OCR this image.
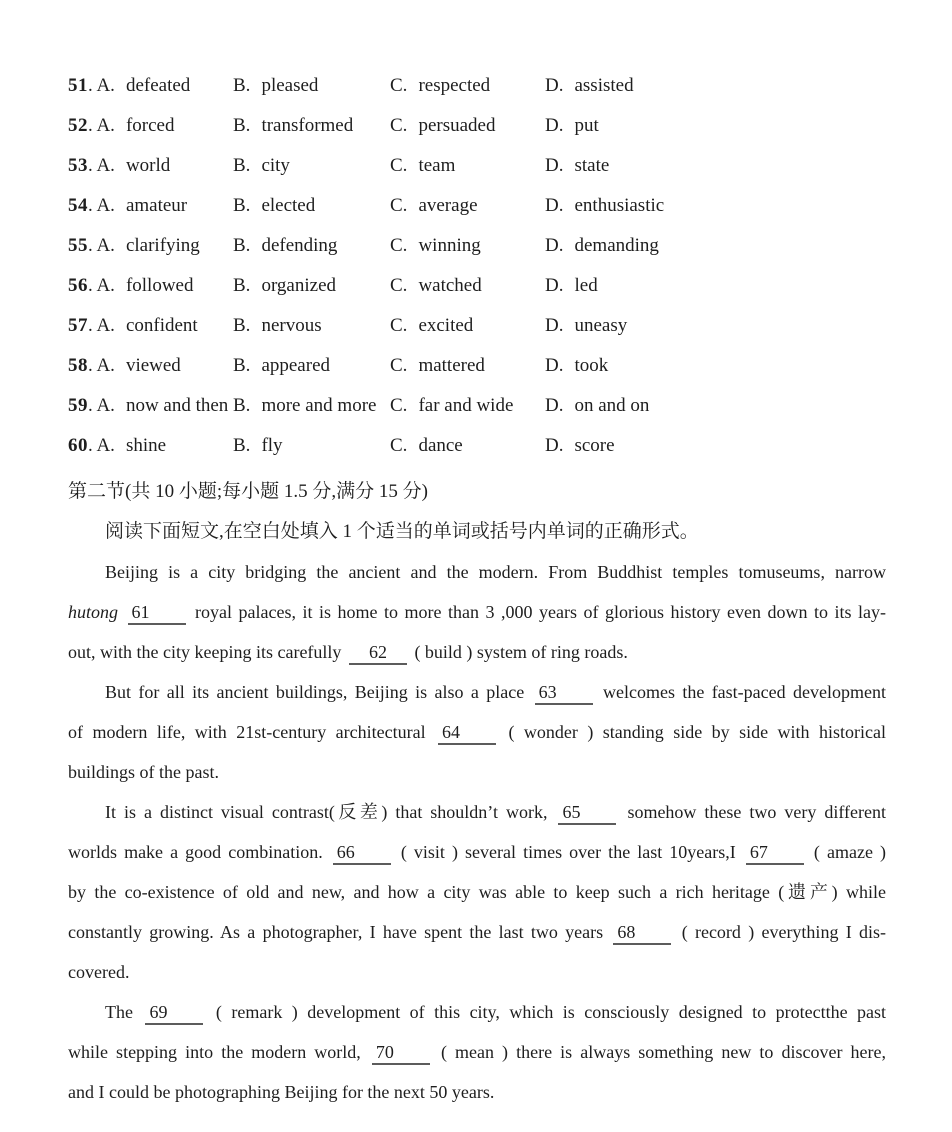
51. A. defeated	B. pleased	C. respected	D. assisted
52. A. forced	B. transformed	C. persuaded	D. put
53. A. world	B. city	C. team	D. state
54. A. amateur	B. elected	C. average	D. enthusiastic
55. A. clarifying	B. defending	C. winning	D. demanding
56. A. followed	B. organized	C. watched	D. led
57. A. confident	B. nervous	C. excited	D. uneasy
58. A. viewed	B. appeared	C. mattered	D. took
59. A. now and then B. more and more C. far and wide	D. on and on
60. A. shine	B. fly	C. dance	D. score
第二节(共 10 小题;每小题 1.5 分,满分 15 分)
阅读下面短文,在空白处填入 1 个适当的单词或括号内单词的正确形式。
Beijing is a city bridging the ancient and the modern. From Buddhist temples tomuseums, narrow
hutong 61 royal palaces, it is home to more than 3 ,000 years of glorious history even down to its lay-
out, with the city keeping its carefully 62 ( build ) system of ring roads.
But for all its ancient buildings, Beijing is also a place 63 welcomes the fast-paced development
of modern life, with 21st-century architectural 64 ( wonder ) standing side by side with historical
buildings of the past.
It is a distinct visual contrast(反差) that shouldn’t work, 65 somehow these two very different
worlds make a good combination. 66 ( visit ) several times over the last 10years,I 67 ( amaze )
by the co-existence of old and new, and how a city was able to keep such a rich heritage (遗产) while
constantly growing. As a photographer, I have spent the last two years 68 ( record ) everything I dis-
covered.
The 69 ( remark ) development of this city, which is consciously designed to protectthe past
while stepping into the modern world, 70 ( mean ) there is always something new to discover here,
and I could be photographing Beijing for the next 50 years.
